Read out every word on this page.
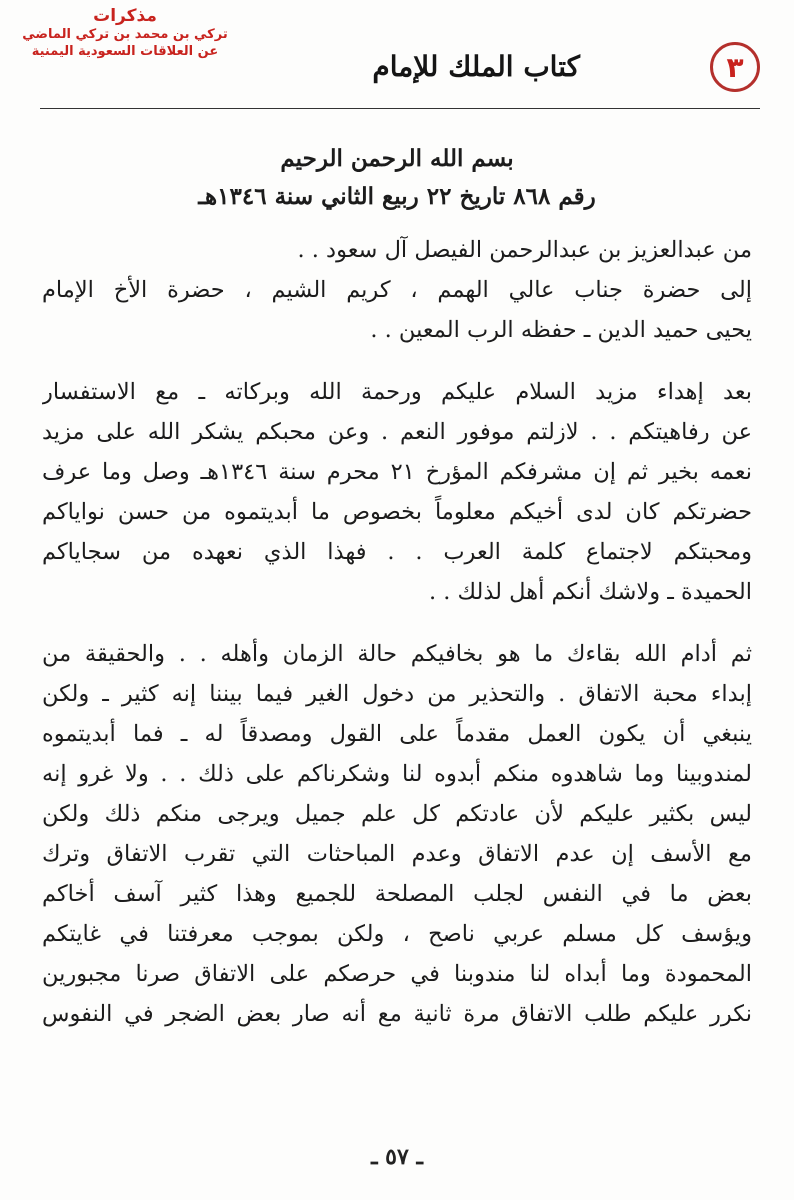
مذكرات
تركي بن محمد بن تركي الماضي
عن العلاقات السعودية اليمنية	٣
كتاب الملك للإمام
بسم الله الرحمن الرحيم
رقم ٨٦٨ تاريخ ٢٢ ربيع الثاني سنة ١٣٤٦هـ

من عبدالعزيز بن عبدالرحمن الفيصل آل سعود . .

إلى حضرة جناب عالي الهمم ، كريم الشيم ، حضرة الأخ الإمام

يحيى حميد الدين ـ حفظه الرب المعين . .

بعد إهداء مزيد السلام عليكم ورحمة الله وبركاته ـ مع الاستفسار

عن رفاهيتكم . . لازلتم موفور النعم . وعن محبكم يشكر الله على مزيد

نعمه بخير ثم إن مشرفكم المؤرخ ٢١ محرم سنة ١٣٤٦هـ وصل وما عرف

حضرتكم كان لدى أخيكم معلوماً بخصوص ما أبديتموه من حسن نواياكم

ومحبتكم لاجتماع كلمة العرب . . فهذا الذي نعهده من سجاياكم

الحميدة ـ ولاشك أنكم أهل لذلك . .

ثم أدام الله بقاءك ما هو بخافيكم حالة الزمان وأهله . . والحقيقة من

إبداء محبة الاتفاق . والتحذير من دخول الغير فيما بيننا إنه كثير ـ ولكن

ينبغي أن يكون العمل مقدماً على القول ومصدقاً له ـ فما أبديتموه

لمندوبينا وما شاهدوه منكم أبدوه لنا وشكرناكم على ذلك . . ولا غرو إنه

ليس بكثير عليكم لأن عادتكم كل علم جميل ويرجى منكم ذلك ولكن

مع الأسف إن عدم الاتفاق وعدم المباحثات التي تقرب الاتفاق وترك

بعض ما في النفس لجلب المصلحة للجميع وهذا كثير آسف أخاكم

ويؤسف كل مسلم عربي ناصح ، ولكن بموجب معرفتنا في غايتكم

المحمودة وما أبداه لنا مندوبنا في حرصكم على الاتفاق صرنا مجبورين

نكرر عليكم طلب الاتفاق مرة ثانية مع أنه صار بعض الضجر في النفوس

ـ ٥٧ ـ
